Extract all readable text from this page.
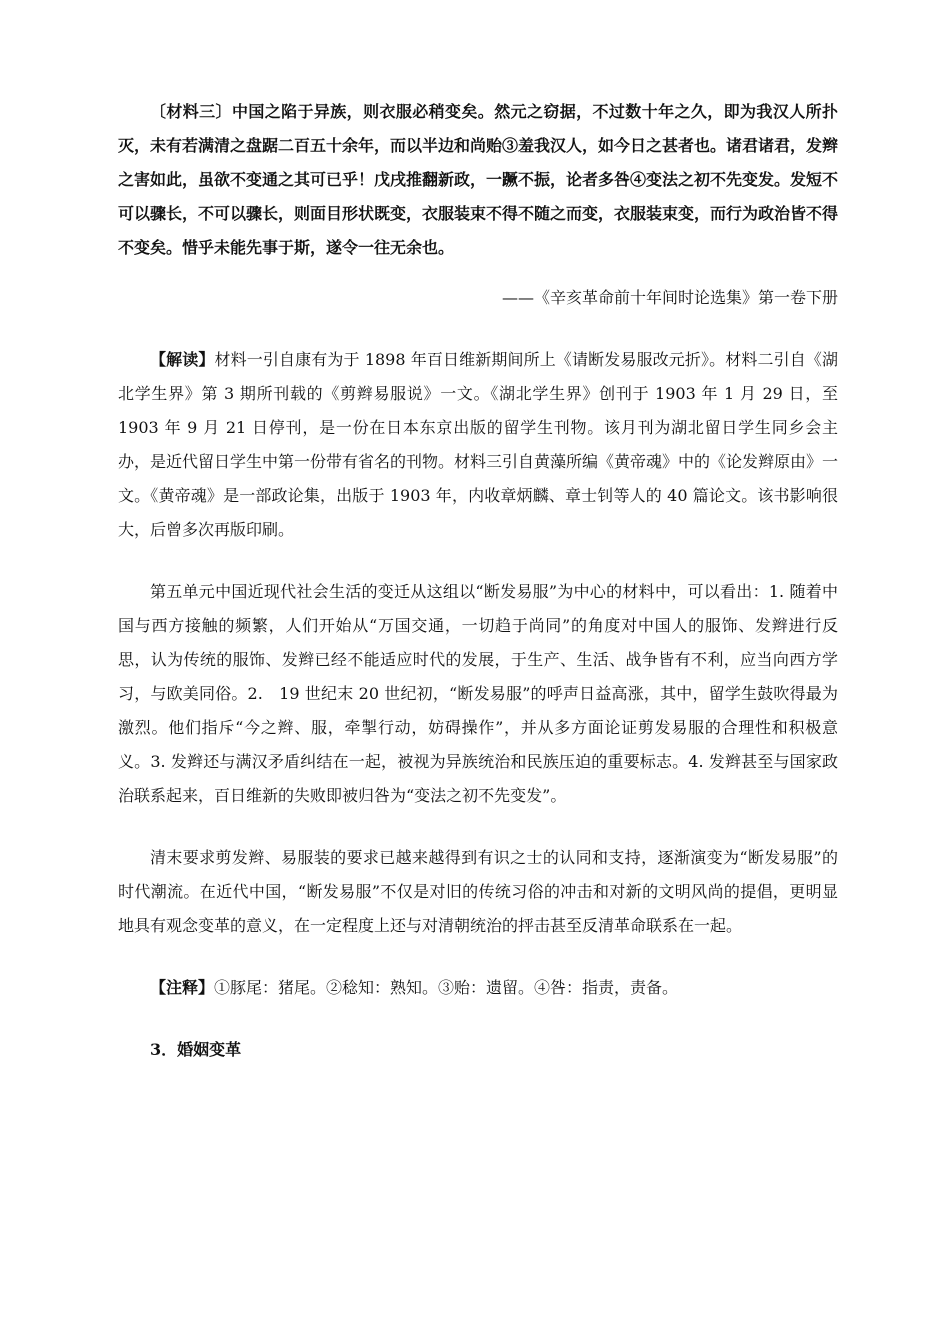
〔材料三〕中国之陷于异族，则衣服必稍变矣。然元之窃据，不过数十年之久，即为我汉人所扑灭，未有若满清之盘踞二百五十余年，而以半边和尚贻③羞我汉人，如今日之甚者也。诸君诸君，发辫之害如此，虽欲不变通之其可已乎！戊戌推翻新政，一蹶不振，论者多咎④变法之初不先变发。发短不可以骤长，不可以骤长，则面目形状既变，衣服装束不得不随之而变，衣服装束变，而行为政治皆不得不变矣。惜乎未能先事于斯，遂令一往无余也。

——《辛亥革命前十年间时论选集》第一卷下册

【解读】材料一引自康有为于 1898 年百日维新期间所上《请断发易服改元折》。材料二引自《湖北学生界》第 3 期所刊载的《剪辫易服说》一文。《湖北学生界》创刊于 1903 年 1 月 29 日，至 1903 年 9 月 21 日停刊，是一份在日本东京出版的留学生刊物。该月刊为湖北留日学生同乡会主办，是近代留日学生中第一份带有省名的刊物。材料三引自黄藻所编《黄帝魂》中的《论发辫原由》一文。《黄帝魂》是一部政论集，出版于 1903 年，内收章炳麟、章士钊等人的 40 篇论文。该书影响很大，后曾多次再版印刷。

第五单元中国近现代社会生活的变迁从这组以“断发易服”为中心的材料中，可以看出：1. 随着中国与西方接触的频繁，人们开始从“万国交通，一切趋于尚同”的角度对中国人的服饰、发辫进行反思，认为传统的服饰、发辫已经不能适应时代的发展，于生产、生活、战争皆有不利，应当向西方学习，与欧美同俗。2.　19 世纪末 20 世纪初，“断发易服”的呼声日益高涨，其中，留学生鼓吹得最为激烈。他们指斥“今之辫、服，牵掣行动，妨碍操作”，并从多方面论证剪发易服的合理性和积极意义。3. 发辫还与满汉矛盾纠结在一起，被视为异族统治和民族压迫的重要标志。4. 发辫甚至与国家政治联系起来，百日维新的失败即被归咎为“变法之初不先变发”。

清末要求剪发辫、易服装的要求已越来越得到有识之士的认同和支持，逐渐演变为“断发易服”的时代潮流。在近代中国，“断发易服”不仅是对旧的传统习俗的冲击和对新的文明风尚的提倡，更明显地具有观念变革的意义，在一定程度上还与对清朝统治的抨击甚至反清革命联系在一起。

【注释】①豚尾：猪尾。②稔知：熟知。③贻：遗留。④咎：指责，责备。

3．婚姻变革
